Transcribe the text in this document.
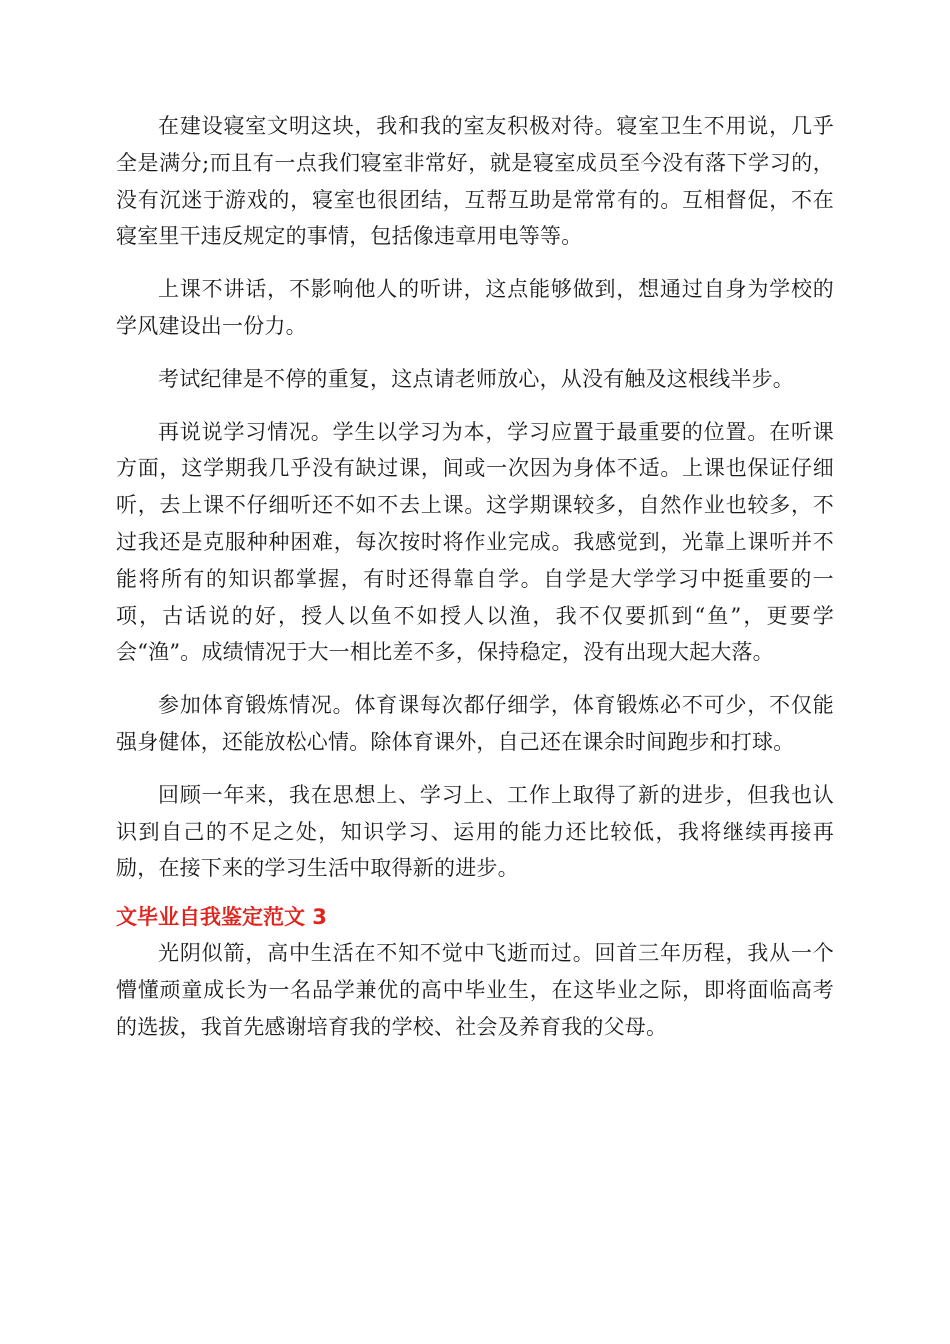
在建设寝室文明这块，我和我的室友积极对待。寝室卫生不用说，几乎全是满分;而且有一点我们寝室非常好，就是寝室成员至今没有落下学习的，没有沉迷于游戏的，寝室也很团结，互帮互助是常常有的。互相督促，不在寝室里干违反规定的事情，包括像违章用电等等。

上课不讲话，不影响他人的听讲，这点能够做到，想通过自身为学校的学风建设出一份力。

考试纪律是不停的重复，这点请老师放心，从没有触及这根线半步。

再说说学习情况。学生以学习为本，学习应置于最重要的位置。在听课方面，这学期我几乎没有缺过课，间或一次因为身体不适。上课也保证仔细听，去上课不仔细听还不如不去上课。这学期课较多，自然作业也较多，不过我还是克服种种困难，每次按时将作业完成。我感觉到，光靠上课听并不能将所有的知识都掌握，有时还得靠自学。自学是大学学习中挺重要的一项，古话说的好，授人以鱼不如授人以渔，我不仅要抓到“鱼”，更要学会“渔”。成绩情况于大一相比差不多，保持稳定，没有出现大起大落。

参加体育锻炼情况。体育课每次都仔细学，体育锻炼必不可少，不仅能强身健体，还能放松心情。除体育课外，自己还在课余时间跑步和打球。

回顾一年来，我在思想上、学习上、工作上取得了新的进步，但我也认识到自己的不足之处，知识学习、运用的能力还比较低，我将继续再接再励，在接下来的学习生活中取得新的进步。

文毕业自我鉴定范文 3

光阴似箭，高中生活在不知不觉中飞逝而过。回首三年历程，我从一个懵懂顽童成长为一名品学兼优的高中毕业生，在这毕业之际，即将面临高考的选拔，我首先感谢培育我的学校、社会及养育我的父母。
